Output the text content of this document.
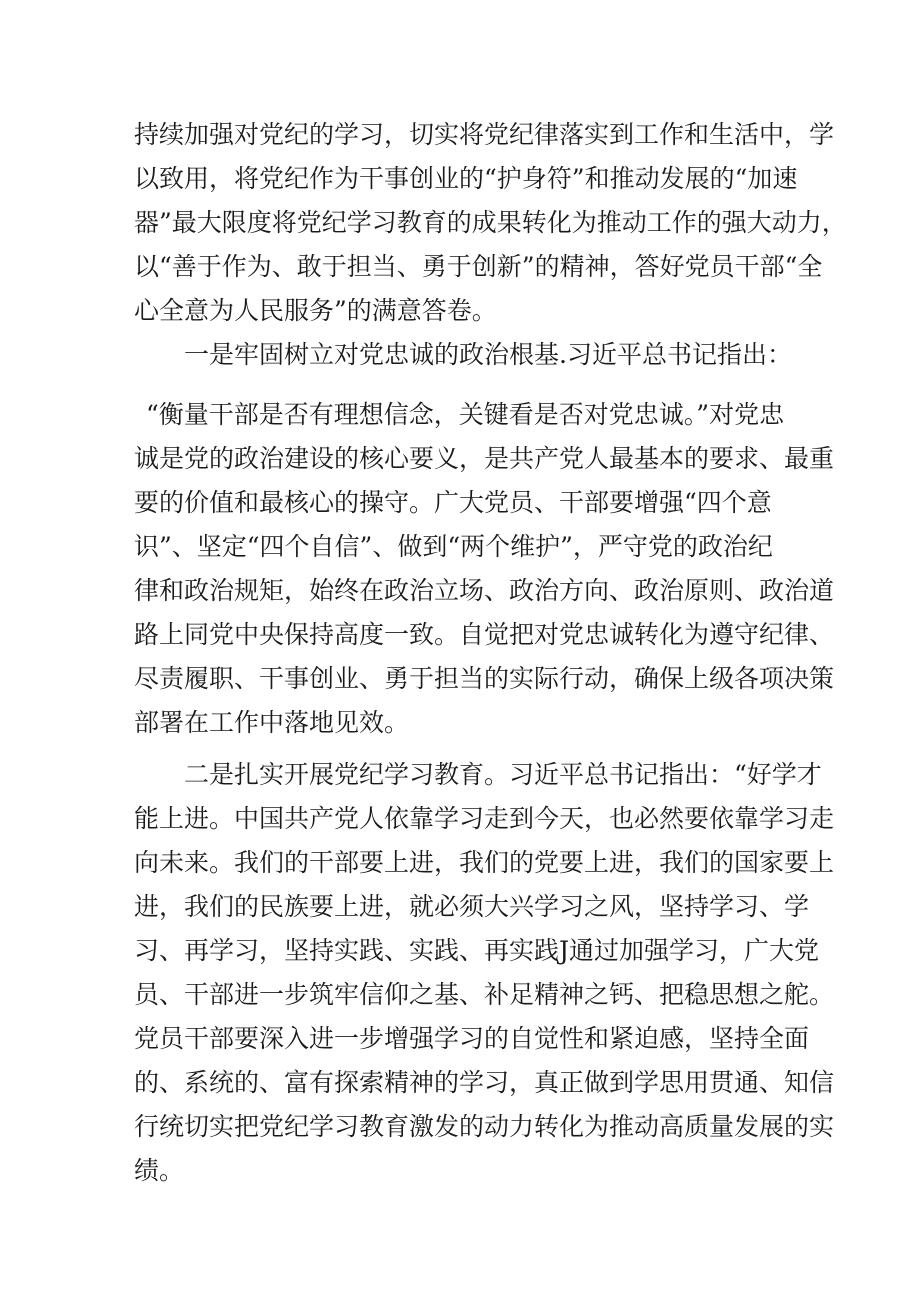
持续加强对党纪的学习，切实将党纪律落实到工作和生活中，学
以致用，将党纪作为干事创业的“护身符”和推动发展的“加速
器”最大限度将党纪学习教育的成果转化为推动工作的强大动力，
以“善于作为、敢于担当、勇于创新”的精神，答好党员干部“全
心全意为人民服务”的满意答卷。
一是牢固树立对党忠诚的政治根基.习近平总书记指出：
“衡量干部是否有理想信念，关键看是否对党忠诚。”对党忠
诚是党的政治建设的核心要义，是共产党人最基本的要求、最重
要的价值和最核心的操守。广大党员、干部要增强“四个意
识”、坚定“四个自信”、做到“两个维护”，严守党的政治纪
律和政治规矩，始终在政治立场、政治方向、政治原则、政治道
路上同党中央保持高度一致。自觉把对党忠诚转化为遵守纪律、
尽责履职、干事创业、勇于担当的实际行动，确保上级各项决策
部署在工作中落地见效。
二是扎实开展党纪学习教育。习近平总书记指出：“好学才
能上进。中国共产党人依靠学习走到今天，也必然要依靠学习走
向未来。我们的干部要上进，我们的党要上进，我们的国家要上
进，我们的民族要上进，就必须大兴学习之风，坚持学习、学
习、再学习，坚持实践、实践、再实践J通过加强学习，广大党
员、干部进一步筑牢信仰之基、补足精神之钙、把稳思想之舵。
党员干部要深入进一步增强学习的自觉性和紧迫感，坚持全面
的、系统的、富有探索精神的学习，真正做到学思用贯通、知信
行统切实把党纪学习教育激发的动力转化为推动高质量发展的实
绩。
